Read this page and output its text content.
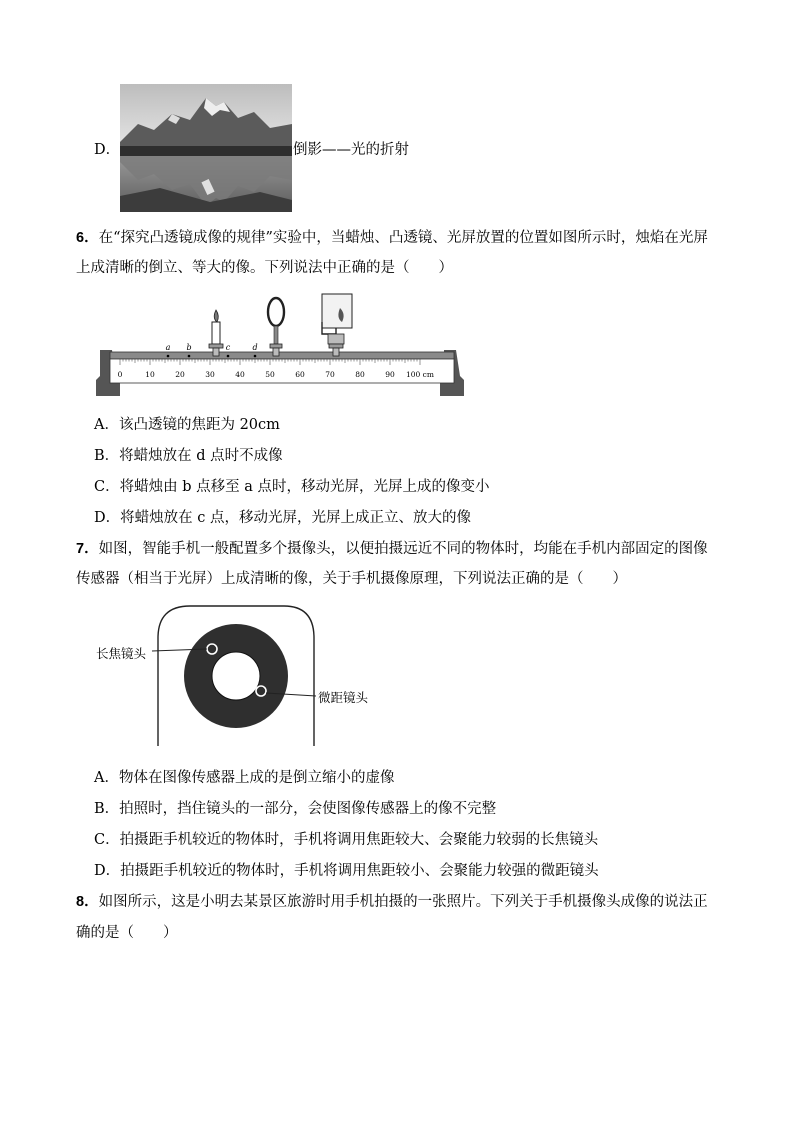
D．	倒影——光的折射
6．在“探究凸透镜成像的规律”实验中，当蜡烛、凸透镜、光屏放置的位置如图所示时，烛焰在光屏
上成清晰的倒立、等大的像。下列说法中正确的是（　　）
0	10	20	30	40	50	60	70	80	90 100 cm
a b	c	d
A．该凸透镜的焦距为 20cm
B．将蜡烛放在 d 点时不成像
C．将蜡烛由 b 点移至 a 点时，移动光屏，光屏上成的像变小
D．将蜡烛放在 c 点，移动光屏，光屏上成正立、放大的像
7．如图，智能手机一般配置多个摄像头，以便拍摄远近不同的物体时，均能在手机内部固定的图像
传感器（相当于光屏）上成清晰的像，关于手机摄像原理，下列说法正确的是（　　）
长焦镜头
微距镜头
A．物体在图像传感器上成的是倒立缩小的虚像
B．拍照时，挡住镜头的一部分，会使图像传感器上的像不完整
C．拍摄距手机较近的物体时，手机将调用焦距较大、会聚能力较弱的长焦镜头
D．拍摄距手机较近的物体时，手机将调用焦距较小、会聚能力较强的微距镜头
8．如图所示，这是小明去某景区旅游时用手机拍摄的一张照片。下列关于手机摄像头成像的说法正
确的是（　　）
